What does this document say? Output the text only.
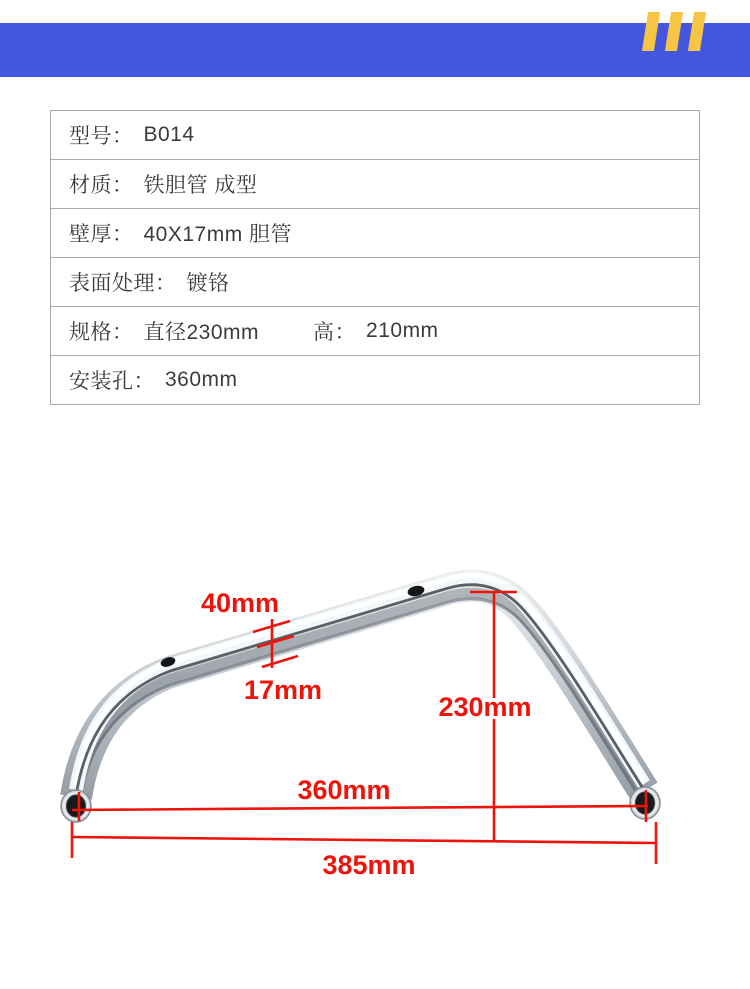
型号： B014
材质： 铁胆管 成型
壁厚： 40X17mm 胆管
表面处理： 镀铬
规格： 直径230mm	高： 210mm
安装孔： 360mm
40mm
17mm
230mm
360mm
385mm
